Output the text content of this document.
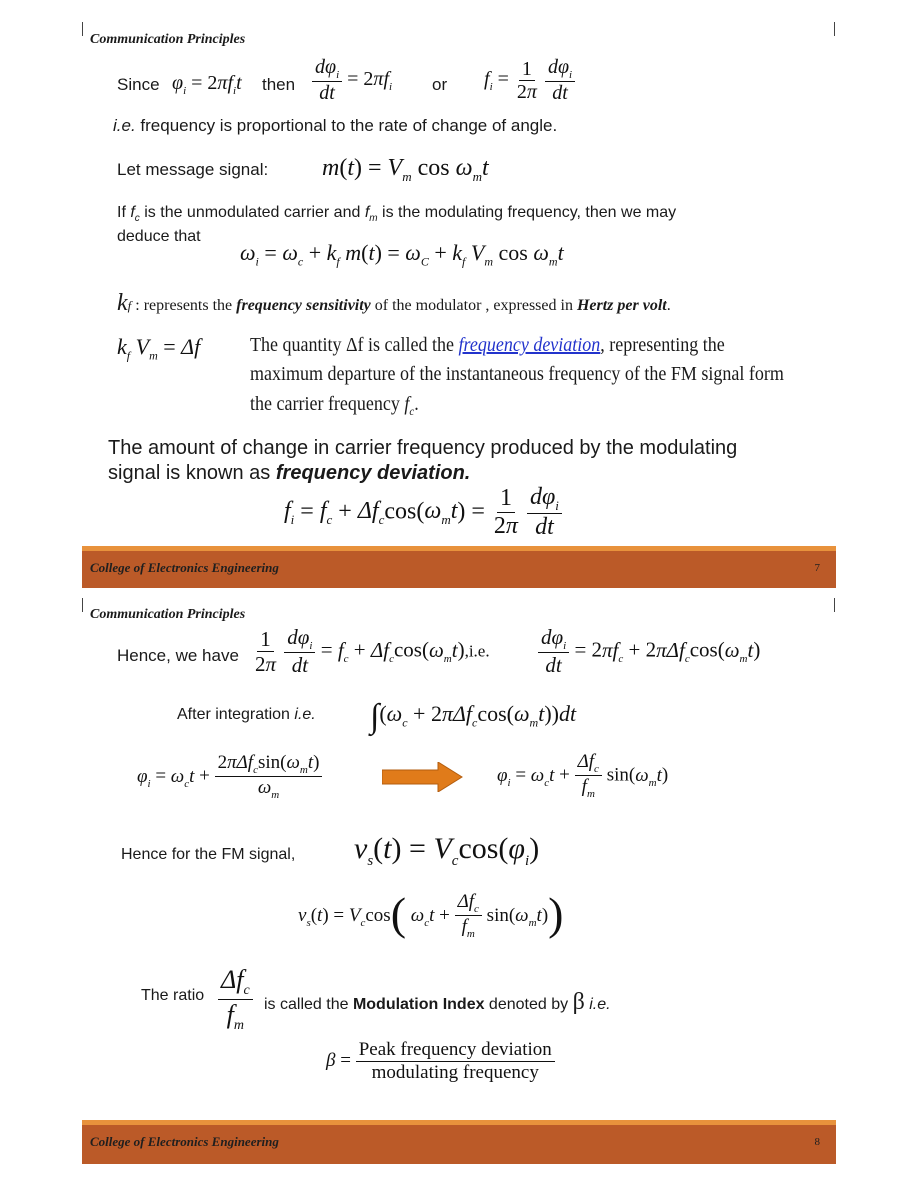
Communication Principles
Since $\varphi_i = 2\pi f_it$ then $\frac{d\varphi_i}{dt} = 2\pi f_i$ or $f_i = \frac{1}{2\pi}$
$\frac{d\varphi_i}{dt}$
i.e. frequency is proportional to the rate of change of angle.
Let message signal: $m(t) = V_m$ $\cos \omega_mt$
If $f_c$ is the unmodulated carrier and $f_m$ is the modulating frequency, then we may
deduce that
$\omega_i = \omega_c + k_f$ $m(t) = \omega_C + k_f$ $V_m$ $\cos \omega_mt$
kf : represents the frequency sensitivity of the modulator , expressed in Hertz per volt.
$k_f$ $V_m = \Delta f$ The quantity Δf is called the frequency deviation, representing the
maximum departure of the instantaneous frequency of the FM signal form
the carrier frequency $f_c$.
The amount of change in carrier frequency produced by the modulating
signal is known as frequency deviation.
$f_i = f_c + \Delta f_c\cos(\omega_mt) = \frac{1}{2\pi}$
$\frac{d\varphi_i}{dt}$
College of Electronics Engineering	7
Communication Principles
Hence, we have $\frac{1}{2\pi}$
$\frac{d\varphi_i}{dt} = f_c + \Delta f_c\cos(\omega_mt),i.e$. $\frac{d\varphi_i}{dt} = 2\pi f_c + 2\pi\Delta f_c\cos(\omega_mt)$
After integration i.e. $\int(\omega_c + 2\pi\Delta f_c\cos(\omega_mt))dt$
$\varphi_i = \omega_ct + \frac{2\pi\Delta f_c\sin(\omega_mt)}{\omega_m}$	$\varphi_i = \omega_ct + \frac{\Delta f_c}{f_m} \sin(\omega_mt)$
Hence for the FM signal, $v_s(t) = V_c\cos(\varphi_i)$
$v_s(t) = V_c\cos$( $\omega_ct + \frac{\Delta f_c}{f_m} \sin(\omega_mt)$)
The ratio $\frac{\Delta f_c}{f_m}$ is called the Modulation Index denoted by β i.e.
$\beta = \frac{\text{Peak frequency deviation}}{\text{modulating frequency}}$
College of Electronics Engineering	8
